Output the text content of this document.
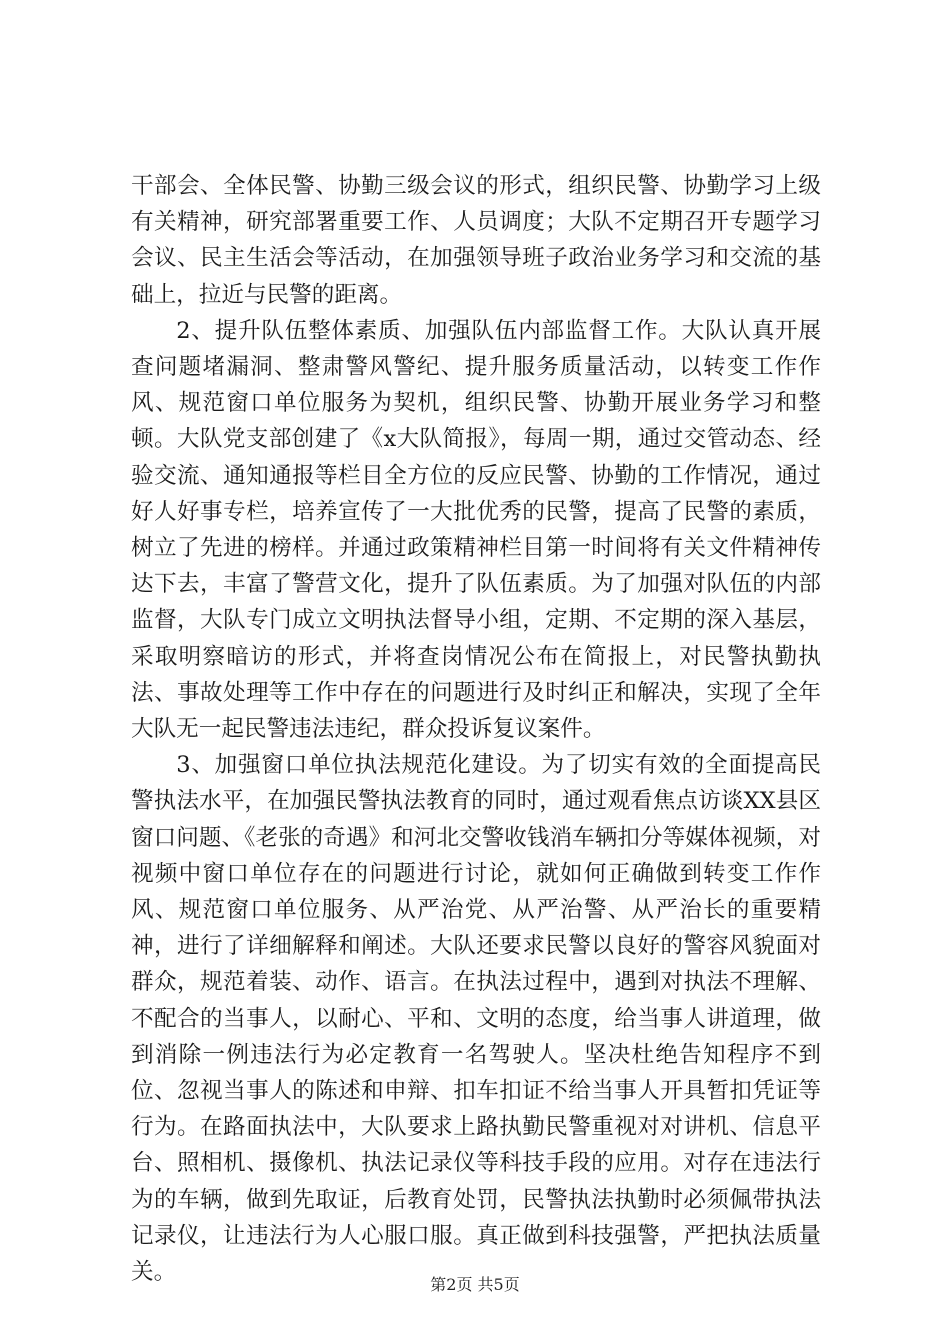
干部会、全体民警、协勤三级会议的形式，组织民警、协勤学习上级有关精神，研究部署重要工作、人员调度；大队不定期召开专题学习会议、民主生活会等活动，在加强领导班子政治业务学习和交流的基础上，拉近与民警的距离。

2、提升队伍整体素质、加强队伍内部监督工作。大队认真开展查问题堵漏洞、整肃警风警纪、提升服务质量活动，以转变工作作风、规范窗口单位服务为契机，组织民警、协勤开展业务学习和整顿。大队党支部创建了《x大队简报》，每周一期，通过交管动态、经验交流、通知通报等栏目全方位的反应民警、协勤的工作情况，通过好人好事专栏，培养宣传了一大批优秀的民警，提高了民警的素质，树立了先进的榜样。并通过政策精神栏目第一时间将有关文件精神传达下去，丰富了警营文化，提升了队伍素质。为了加强对队伍的内部监督，大队专门成立文明执法督导小组，定期、不定期的深入基层，采取明察暗访的形式，并将查岗情况公布在简报上，对民警执勤执法、事故处理等工作中存在的问题进行及时纠正和解决，实现了全年大队无一起民警违法违纪，群众投诉复议案件。

3、加强窗口单位执法规范化建设。为了切实有效的全面提高民警执法水平，在加强民警执法教育的同时，通过观看焦点访谈XX县区窗口问题、《老张的奇遇》和河北交警收钱消车辆扣分等媒体视频，对视频中窗口单位存在的问题进行讨论，就如何正确做到转变工作作风、规范窗口单位服务、从严治党、从严治警、从严治长的重要精神，进行了详细解释和阐述。大队还要求民警以良好的警容风貌面对群众，规范着装、动作、语言。在执法过程中，遇到对执法不理解、不配合的当事人，以耐心、平和、文明的态度，给当事人讲道理，做到消除一例违法行为必定教育一名驾驶人。坚决杜绝告知程序不到位、忽视当事人的陈述和申辩、扣车扣证不给当事人开具暂扣凭证等行为。在路面执法中，大队要求上路执勤民警重视对对讲机、信息平台、照相机、摄像机、执法记录仪等科技手段的应用。对存在违法行为的车辆，做到先取证，后教育处罚，民警执法执勤时必须佩带执法记录仪，让违法行为人心服口服。真正做到科技强警，严把执法质量关。	第2页 共5页
